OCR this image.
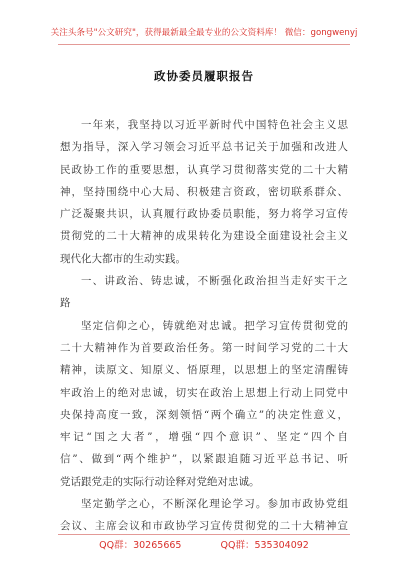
关注头条号"公文研究"，获得最新最全最专业的公文资料库！ 微信：gongwenyj
政协委员履职报告
一年来，我坚持以习近平新时代中国特色社会主义思
想为指导，深入学习领会习近平总书记关于加强和改进人
民政协工作的重要思想，认真学习贯彻落实党的二十大精
神，坚持围绕中心大局、积极建言资政，密切联系群众、
广泛凝聚共识，认真履行政协委员职能，努力将学习宣传
贯彻党的二十大精神的成果转化为建设全面建设社会主义
现代化大都市的生动实践。
一、讲政治、铸忠诚，不断强化政治担当走好实干之
路
坚定信仰之心，铸就绝对忠诚。把学习宣传贯彻党的
二十大精神作为首要政治任务。第一时间学习党的二十大
精神，读原文、知原义、悟原理，以思想上的坚定清醒铸
牢政治上的绝对忠诚，切实在政治上思想上行动上同党中
央保持高度一致，深刻领悟“两个确立”的决定性意义，
牢记“国之大者”，增强“四个意识”、坚定“四个自
信”、做到“两个维护”，以紧跟追随习近平总书记、听
党话跟党走的实际行动诠释对党绝对忠诚。
坚定勤学之心，不断深化理论学习。参加市政协党组
会议、主席会议和市政协学习宣传贯彻党的二十大精神宣
QQ群：30265665	QQ群：535304092
